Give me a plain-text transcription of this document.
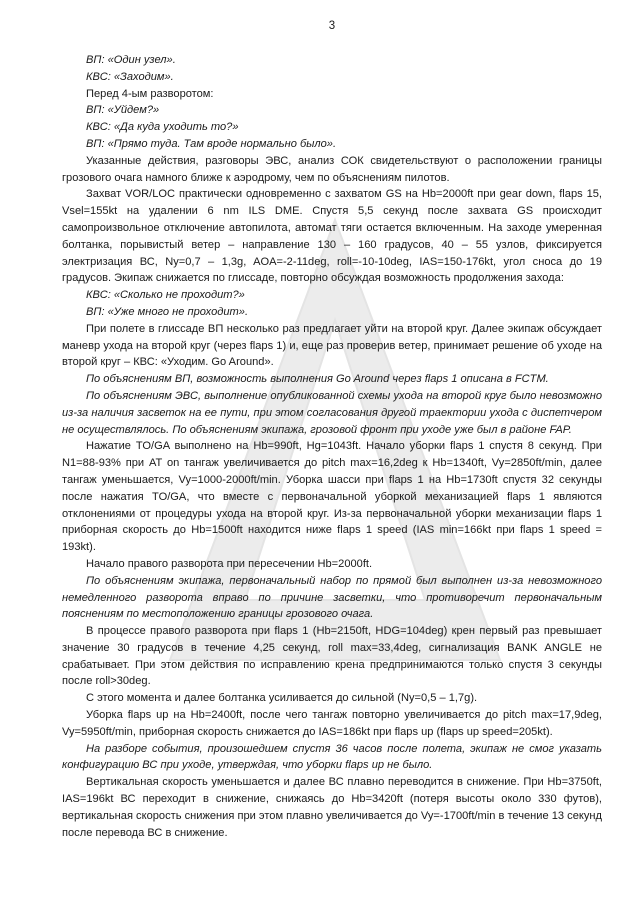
3

ВП: «Один узел».

КВС: «Заходим».

Перед 4-ым разворотом:

ВП: «Уйдем?»

КВС: «Да куда уходить то?»

ВП: «Прямо туда. Там вроде нормально было».

Указанные действия, разговоры ЭВС, анализ СОК свидетельствуют о расположении границы грозового очага намного ближе к аэродрому, чем по объяснениям пилотов.

Захват VOR/LOC практически одновременно с захватом GS на Hb=2000ft при gear down, flaps 15, Vsel=155kt на удалении 6 nm ILS DME. Спустя 5,5 секунд после захвата GS происходит самопроизвольное отключение автопилота, автомат тяги остается включенным. На заходе умеренная болтанка, порывистый ветер – направление 130 – 160 градусов, 40 – 55 узлов, фиксируется электризация ВС, Ny=0,7 – 1,3g, AOA=-2-11deg, roll=-10-10deg, IAS=150-176kt, угол сноса до 19 градусов. Экипаж снижается по глиссаде, повторно обсуждая возможность продолжения захода:

КВС: «Сколько не проходит?»

ВП: «Уже много не проходит».

При полете в глиссаде ВП несколько раз предлагает уйти на второй круг. Далее экипаж обсуждает маневр ухода на второй круг (через flaps 1) и, еще раз проверив ветер, принимает решение об уходе на второй круг – КВС: «Уходим. Go Around».

По объяснениям ВП, возможность выполнения Go Around через flaps 1 описана в FCTM.

По объяснениям ЭВС, выполнение опубликованной схемы ухода на второй круг было невозможно из-за наличия засветок на ее пути, при этом согласования другой траектории ухода с диспетчером не осуществлялось. По объяснениям экипажа, грозовой фронт при уходе уже был в районе FAP.

Нажатие TO/GA выполнено на Hb=990ft, Hg=1043ft. Начало уборки flaps 1 спустя 8 секунд. При N1=88-93% при AT on тангаж увеличивается до pitch max=16,2deg к Hb=1340ft, Vy=2850ft/min, далее тангаж уменьшается, Vy=1000-2000ft/min. Уборка шасси при flaps 1 на Hb=1730ft спустя 32 секунды после нажатия TO/GA, что вместе с первоначальной уборкой механизацией flaps 1 являются отклонениями от процедуры ухода на второй круг. Из-за первоначальной уборки механизации flaps 1 приборная скорость до Hb=1500ft находится ниже flaps 1 speed (IAS min=166kt при flaps 1 speed = 193kt).

Начало правого разворота при пересечении Hb=2000ft.

По объяснениям экипажа, первоначальный набор по прямой был выполнен из-за невозможного немедленного разворота вправо по причине засветки, что противоречит первоначальным пояснениям по местоположению границы грозового очага.

В процессе правого разворота при flaps 1 (Hb=2150ft, HDG=104deg) крен первый раз превышает значение 30 градусов в течение 4,25 секунд, roll max=33,4deg, сигнализация BANK ANGLE не срабатывает. При этом действия по исправлению крена предпринимаются только спустя 3 секунды после roll>30deg.

С этого момента и далее болтанка усиливается до сильной (Ny=0,5 – 1,7g).

Уборка flaps up на Hb=2400ft, после чего тангаж повторно увеличивается до pitch max=17,9deg, Vy=5950ft/min, приборная скорость снижается до IAS=186kt при flaps up (flaps up speed=205kt).

На разборе события, произошедшем спустя 36 часов после полета, экипаж не смог указать конфигурацию ВС при уходе, утверждая, что уборки flaps up не было.

Вертикальная скорость уменьшается и далее ВС плавно переводится в снижение. При Hb=3750ft, IAS=196kt ВС переходит в снижение, снижаясь до Hb=3420ft (потеря высоты около 330 футов), вертикальная скорость снижения при этом плавно увеличивается до Vy=-1700ft/min в течение 13 секунд после перевода ВС в снижение.
